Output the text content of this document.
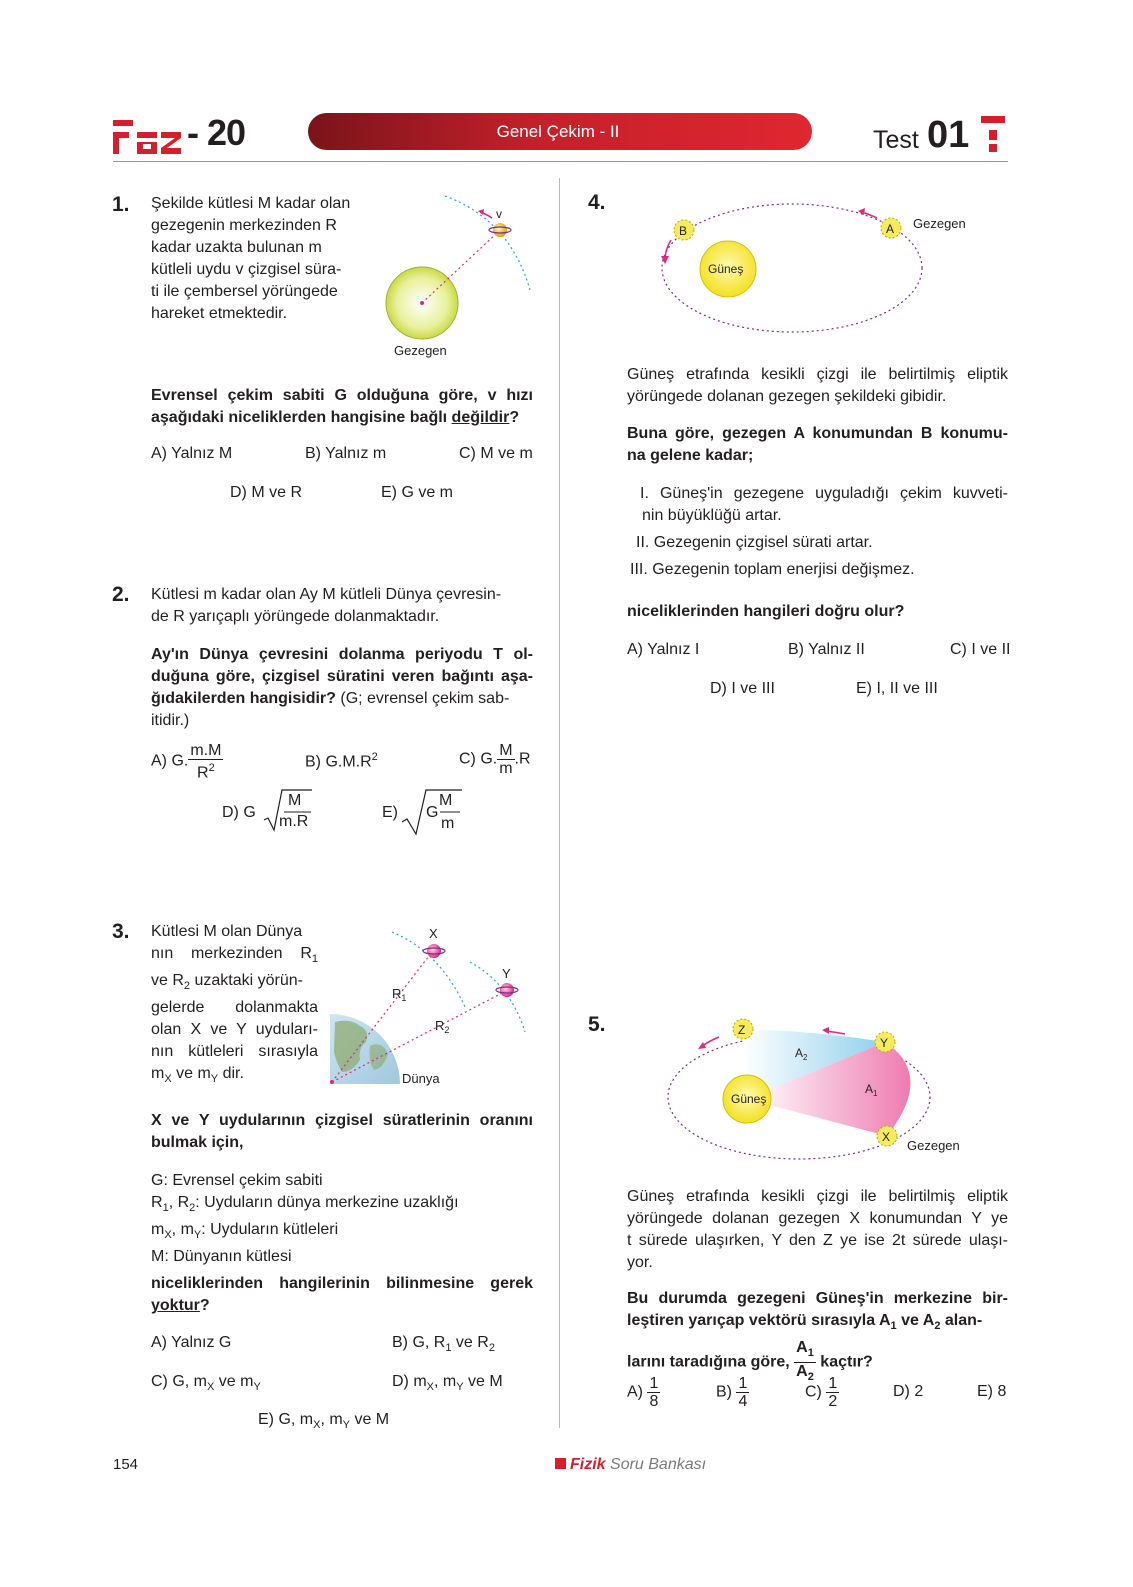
- 20	Genel Çekim - II	Test 01
1. Şekilde kütlesi M kadar olan
gezegenin merkezinden R
kadar uzakta bulunan m
kütleli uydu v çizgisel süra-
ti ile çembersel yörüngede
hareket etmektedir.
v
Gezegen
Evrensel çekim sabiti G olduğuna göre, v hızı
aşağıdaki niceliklerden hangisine bağlı değildir?
A) Yalnız M	B) Yalnız m	C) M ve m
D) M ve R	E) G ve m
2. Kütlesi m kadar olan Ay M kütleli Dünya çevresin-
de R yarıçaplı yörüngede dolanmaktadır.
Ay'ın Dünya çevresini dolanma periyodu T ol-
duğuna göre, çizgisel süratini veren bağıntı aşa-
ğıdakilerden hangisidir? (G; evrensel çekim sab-
itidir.)
A) G. $\frac{m.M}{R^2}$	B) $G.M.R^2$	C) G. $\frac{M}{m} .R$
D) G
M
m.R
E) G
M
m
3. Kütlesi M olan Dünya
nın merkezinden $R_1$
ve $R_2$ uzaktaki yörün-
gelerde dolanmakta
olan X ve Y uyduları-
nın kütleleri sırasıyla
$m_X$ ve $m_Y$ dir.
X
Y
$R_1$
$R_2$
Dünya
X ve Y uydularının çizgisel süratlerinin oranını
bulmak için,
G: Evrensel çekim sabiti
$R_1$, $R_2$: Uyduların dünya merkezine uzaklığı
$m_X$, $m_Y$: Uyduların kütleleri
M: Dünyanın kütlesi
niceliklerinden hangilerinin bilinmesine gerek
yoktur?
A) Yalnız G	B) G, $R_1$ ve $R_2$
C) G, $m_X$ ve $m_Y$	D) $m_X$, $m_Y$ ve M
E) G, $m_X$, $m_Y$ ve M
4.
Güneş
A Gezegen
B
Güneş etrafında kesikli çizgi ile belirtilmiş eliptik
yörüngede dolanan gezegen şekildeki gibidir.
Buna göre, gezegen A konumundan B konumu-
na gelene kadar;
I. Güneş'in gezegene uyguladığı çekim kuvveti-
nin büyüklüğü artar.
II. Gezegenin çizgisel sürati artar.
III. Gezegenin toplam enerjisi değişmez.
niceliklerinden hangileri doğru olur?
A) Yalnız I	B) Yalnız II	C) I ve II
D) I ve III	E) I, II ve III
5.
Güneş
Z
Y
X
Gezegen
$A_2$
$A_1$
Güneş etrafında kesikli çizgi ile belirtilmiş eliptik
yörüngede dolanan gezegen X konumundan Y ye
t sürede ulaşırken, Y den Z ye ise 2t sürede ulaşı-
yor.
Bu durumda gezegeni Güneş'in merkezine bir-
leştiren yarıçap vektörü sırasıyla $A_1$ ve $A_2$ alan-
larını taradığına göre, $\frac{A_1}{A_2}$ kaçtır?
$A) \frac{1}{8}$	$B) \frac{1}{4}$	$C) \frac{1}{2}$	D) 2	E) 8
154	Fizik Soru Bankası
